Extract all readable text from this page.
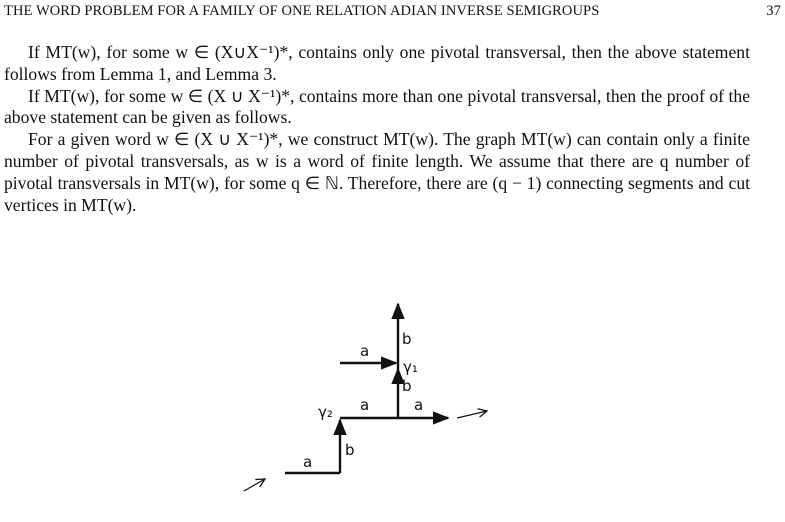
THE WORD PROBLEM FOR A FAMILY OF ONE RELATION ADIAN INVERSE SEMIGROUPS	37

If MT(w), for some w ∈ (X∪X⁻¹)*, contains only one pivotal transversal, then the above statement follows from Lemma 1, and Lemma 3.

If MT(w), for some w ∈ (X ∪ X⁻¹)*, contains more than one pivotal transversal, then the proof of the above statement can be given as follows.

For a given word w ∈ (X ∪ X⁻¹)*, we construct MT(w). The graph MT(w) can contain only a finite number of pivotal transversals, as w is a word of finite length. We assume that there are q number of pivotal transversals in MT(w), for some q ∈ ℕ. Therefore, there are (q − 1) connecting segments and cut vertices in MT(w).

b
a
γ₁
b
a	a
γ₂
b
a
